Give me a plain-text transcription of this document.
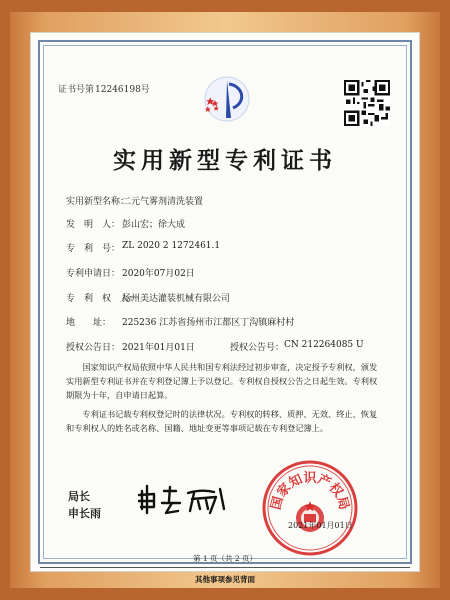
证书号第 12246198号
实用新型专利证书
实用新型名称：
二元气雾剂清洗装置
发　明　人： 彭山宏；徐大成
专　利　号： ZL 2020 2 1272461.1
专利申请日： 2020年07月02日
专　利　权　人：
扬州美达灌装机械有限公司
地　　址： 225236 江苏省扬州市江都区丁沟镇麻村村
授权公告日： 2021年01月01日	授权公告号： CN 212264085 U
国家知识产权局依照中华人民共和国专利法经过初步审查，决定授予专利权，颁发实用新型专利证书并在专利登记簿上予以登记。专利权自授权公告之日起生效。专利权期限为十年，自申请日起算。
专利证书记载专利权登记时的法律状况。专利权的转移、质押、无效、终止、恢复和专利权人的姓名或名称、国籍、地址变更等事项记载在专利登记簿上。
局长
申长雨
国家知识产权局
2021年01月01日
第 1 页（共 2 页）
其他事项参见背面
